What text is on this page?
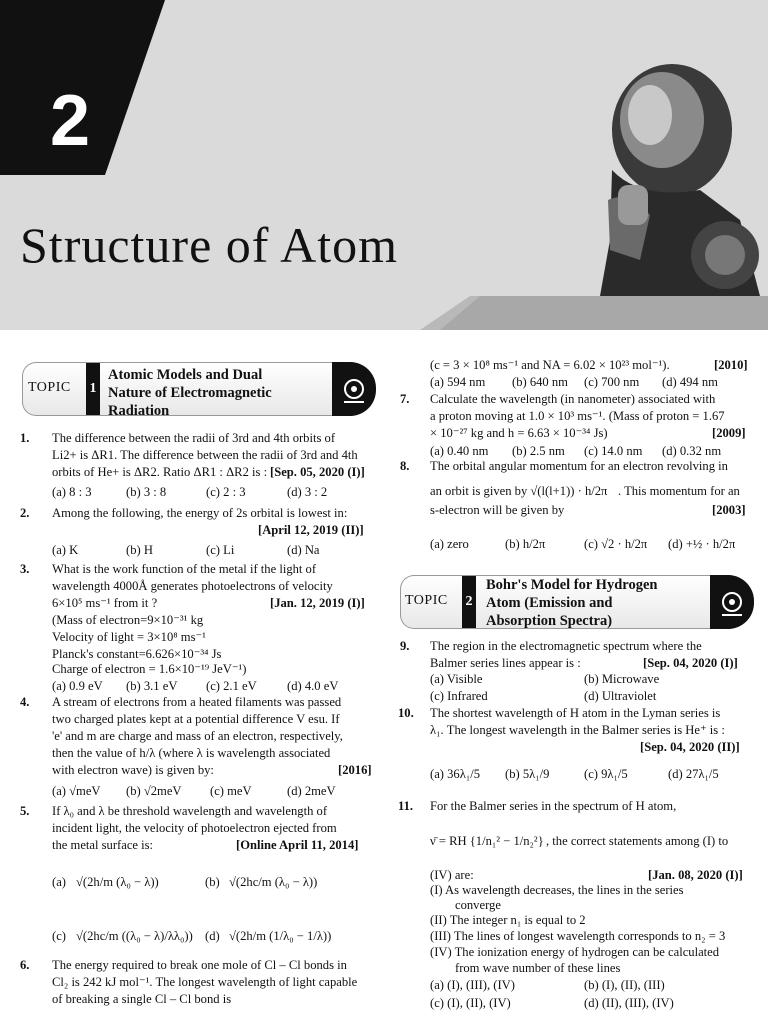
2
Structure of Atom
TOPIC 1
Atomic Models and Dual
Nature of Electromagnetic
Radiation
1. The difference between the radii of 3rd and 4th orbits of
Li2+ is ΔR1. The difference between the radii of 3rd and 4th
orbits of He+ is ΔR2. Ratio ΔR1 : ΔR2 is : [Sep. 05, 2020 (I)]
(a) 8 : 3	(b) 3 : 8	(c) 2 : 3	(d) 3 : 2
2. Among the following, the energy of 2s orbital is lowest in:
[April 12, 2019 (II)]
(a) K	(b) H	(c) Li	(d) Na
3. What is the work function of the metal if the light of
wavelength 4000Å generates photoelectrons of velocity
6×10⁵ ms⁻¹ from it ?	[Jan. 12, 2019 (I)]
(Mass of electron=9×10⁻³¹ kg
Velocity of light = 3×10⁸ ms⁻¹
Planck's constant=6.626×10⁻³⁴ Js
Charge of electron = 1.6×10⁻¹⁹ JeV⁻¹)
(a) 0.9 eV (b) 3.1 eV (c) 2.1 eV (d) 4.0 eV
4. A stream of electrons from a heated filaments was passed
two charged plates kept at a potential difference V esu. If
'e' and m are charge and mass of an electron, respectively,
then the value of h/λ (where λ is wavelength associated
with electron wave) is given by:	[2016]
(a) √meV (b) √2meV (c) meV	(d) 2meV
5. If λ₀ and λ be threshold wavelength and wavelength of
incident light, the velocity of photoelectron ejected from
the metal surface is:	[Online April 11, 2014]
(a) √(2h/m (λ₀ − λ))	(b) √(2hc/m (λ₀ − λ))
(c) √(2hc/m ((λ₀ − λ)/λλ₀)) (d) √(2h/m (1/λ₀ − 1/λ))
6. The energy required to break one mole of Cl – Cl bonds in
Cl₂ is 242 kJ mol⁻¹. The longest wavelength of light capable
of breaking a single Cl – Cl bond is
(c = 3 × 10⁸ ms⁻¹ and NA = 6.02 × 10²³ mol⁻¹).	[2010]
(a) 594 nm (b) 640 nm (c) 700 nm (d) 494 nm
7. Calculate the wavelength (in nanometer) associated with
a proton moving at 1.0 × 10³ ms⁻¹. (Mass of proton = 1.67
× 10⁻²⁷ kg and h = 6.63 × 10⁻³⁴ Js)	[2009]
(a) 0.40 nm (b) 2.5 nm (c) 14.0 nm (d) 0.32 nm
8. The orbital angular momentum for an electron revolving in
an orbit is given by √(l(l+1)) · h/2π . This momentum for an
s-electron will be given by	[2003]
(a) zero	(b) h/2π	(c) √2 · h/2π (d) +½ · h/2π
TOPIC 2
Bohr's Model for Hydrogen
Atom (Emission and
Absorption Spectra)
9. The region in the electromagnetic spectrum where the
Balmer series lines appear is :	[Sep. 04, 2020 (I)]
(a) Visible	(b) Microwave
(c) Infrared	(d) Ultraviolet
10. The shortest wavelength of H atom in the Lyman series is
λ₁. The longest wavelength in the Balmer series is He⁺ is :
[Sep. 04, 2020 (II)]
(a) 36λ₁/5 (b) 5λ₁/9	(c) 9λ₁/5	(d) 27λ₁/5
11. For the Balmer series in the spectrum of H atom,
ν̄ = RH {1/n₁² − 1/n₂²} , the correct statements among (I) to
(IV) are:	[Jan. 08, 2020 (I)]
(I) As wavelength decreases, the lines in the series
converge
(II) The integer n₁ is equal to 2
(III) The lines of longest wavelength corresponds to n₂ = 3
(IV) The ionization energy of hydrogen can be calculated
from wave number of these lines
(a) (I), (III), (IV)	(b) (I), (II), (III)
(c) (I), (II), (IV)	(d) (II), (III), (IV)
